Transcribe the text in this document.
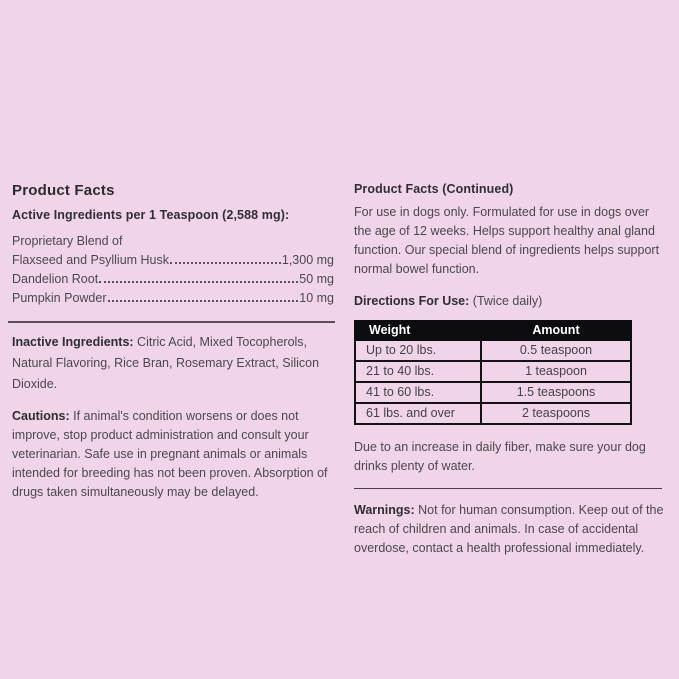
Product Facts
Active Ingredients per 1 Teaspoon (2,588 mg):
Proprietary Blend of
Flaxseed and Psyllium Husk	1,300 mg
Dandelion Root	50 mg
Pumpkin Powder	10 mg

Inactive Ingredients: Citric Acid, Mixed Tocopherols, Natural Flavoring, Rice Bran, Rosemary Extract, Silicon Dioxide.

Cautions: If animal's condition worsens or does not improve, stop product administration and consult your veterinarian. Safe use in pregnant animals or animals intended for breeding has not been proven. Absorption of drugs taken simultaneously may be delayed.

Product Facts (Continued)

For use in dogs only. Formulated for use in dogs over the age of 12 weeks. Helps support healthy anal gland function. Our special blend of ingredients helps support normal bowel function.

Directions For Use: (Twice daily)

Weight	Amount
Up to 20 lbs.	0.5 teaspoon
21 to 40 lbs.	1 teaspoon
41 to 60 lbs.	1.5 teaspoons
61 lbs. and over	2 teaspoons

Due to an increase in daily fiber, make sure your dog drinks plenty of water.

Warnings: Not for human consumption. Keep out of the reach of children and animals. In case of accidental overdose, contact a health professional immediately.
